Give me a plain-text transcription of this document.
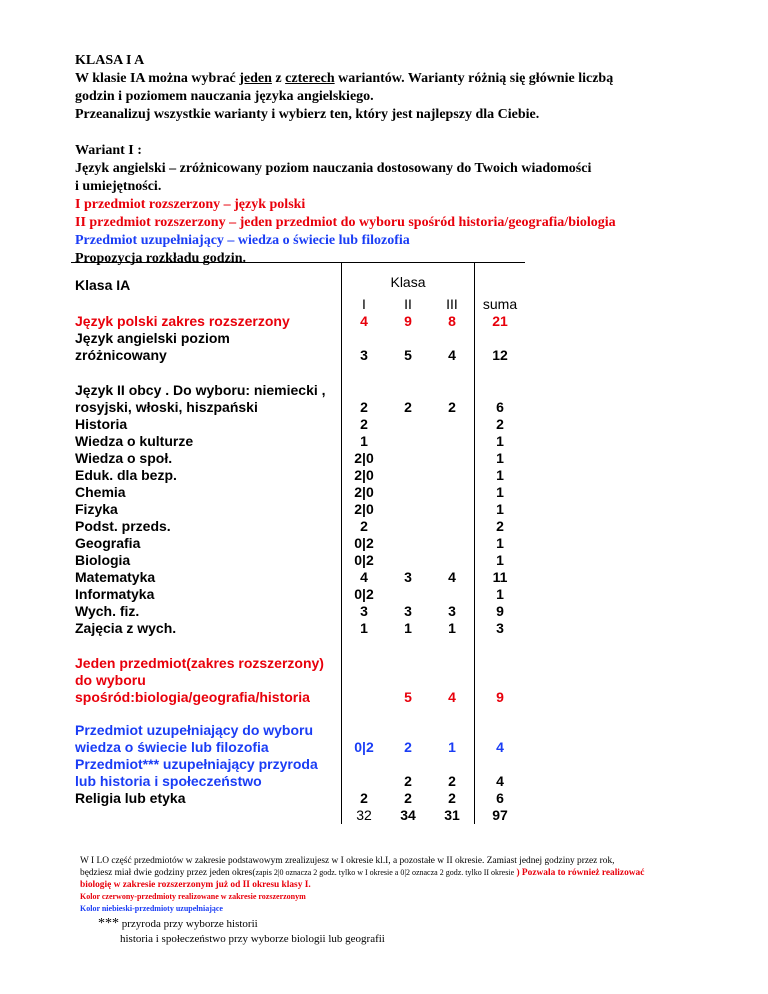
KLASA I A

W klasie IA można wybrać jeden z czterech wariantów. Warianty różnią się głównie liczbą

godzin i poziomem nauczania języka angielskiego.

Przeanalizuj wszystkie warianty i wybierz ten, który jest najlepszy dla Ciebie.

Wariant I :

Język angielski – zróżnicowany poziom nauczania dostosowany do Twoich wiadomości

i umiejętności.

I przedmiot rozszerzony – język polski

II przedmiot rozszerzony – jeden przedmiot do wyboru spośród historia/geografia/biologia

Przedmiot uzupełniający – wiedza o świecie lub filozofia

Propozycja rozkładu godzin.

Klasa IA	Klasa			
	I	II	III	suma
Język polski zakres rozszerzony	4	9	8	21
Język angielski poziom zróżnicowany	3	5	4	12
Język II obcy . Do wyboru: niemiecki , rosyjski, włoski, hiszpański	2	2	2	6
Historia	2			2
Wiedza o kulturze	1			1
Wiedza o społ.	2|0			1
Eduk. dla bezp.	2|0			1
Chemia	2|0			1
Fizyka	2|0			1
Podst. przeds.	2			2
Geografia	0|2			1
Biologia	0|2			1
Matematyka	4	3	4	11
Informatyka	0|2			1
Wych. fiz.	3	3	3	9
Zajęcia z wych.	1	1	1	3
Jeden przedmiot(zakres rozszerzony) do wyboru spośród:biologia/geografia/historia		5	4	9
Przedmiot uzupełniający do wyboru wiedza o świecie lub filozofia	0|2	2	1	4
Przedmiot*** uzupełniający przyroda lub historia i społeczeństwo		2	2	4
Religia lub etyka	2	2	2	6
	32	34	31	97

W I LO część przedmiotów w zakresie podstawowym zrealizujesz w I okresie kl.I, a pozostałe w II okresie. Zamiast jednej godziny przez rok,

będziesz miał dwie godziny przez jeden okres(zapis 2|0 oznacza 2 godz. tylko w I okresie a 0|2 oznacza 2 godz. tylko II okresie ) Pozwala to również realizować

biologię w zakresie rozszerzonym już od II okresu klasy I.

Kolor czerwony-przedmioty realizowane w zakresie rozszerzonym

Kolor niebieski-przedmioty uzupełniające

*** przyroda przy wyborze historii
historia i społeczeństwo przy wyborze biologii lub geografii
